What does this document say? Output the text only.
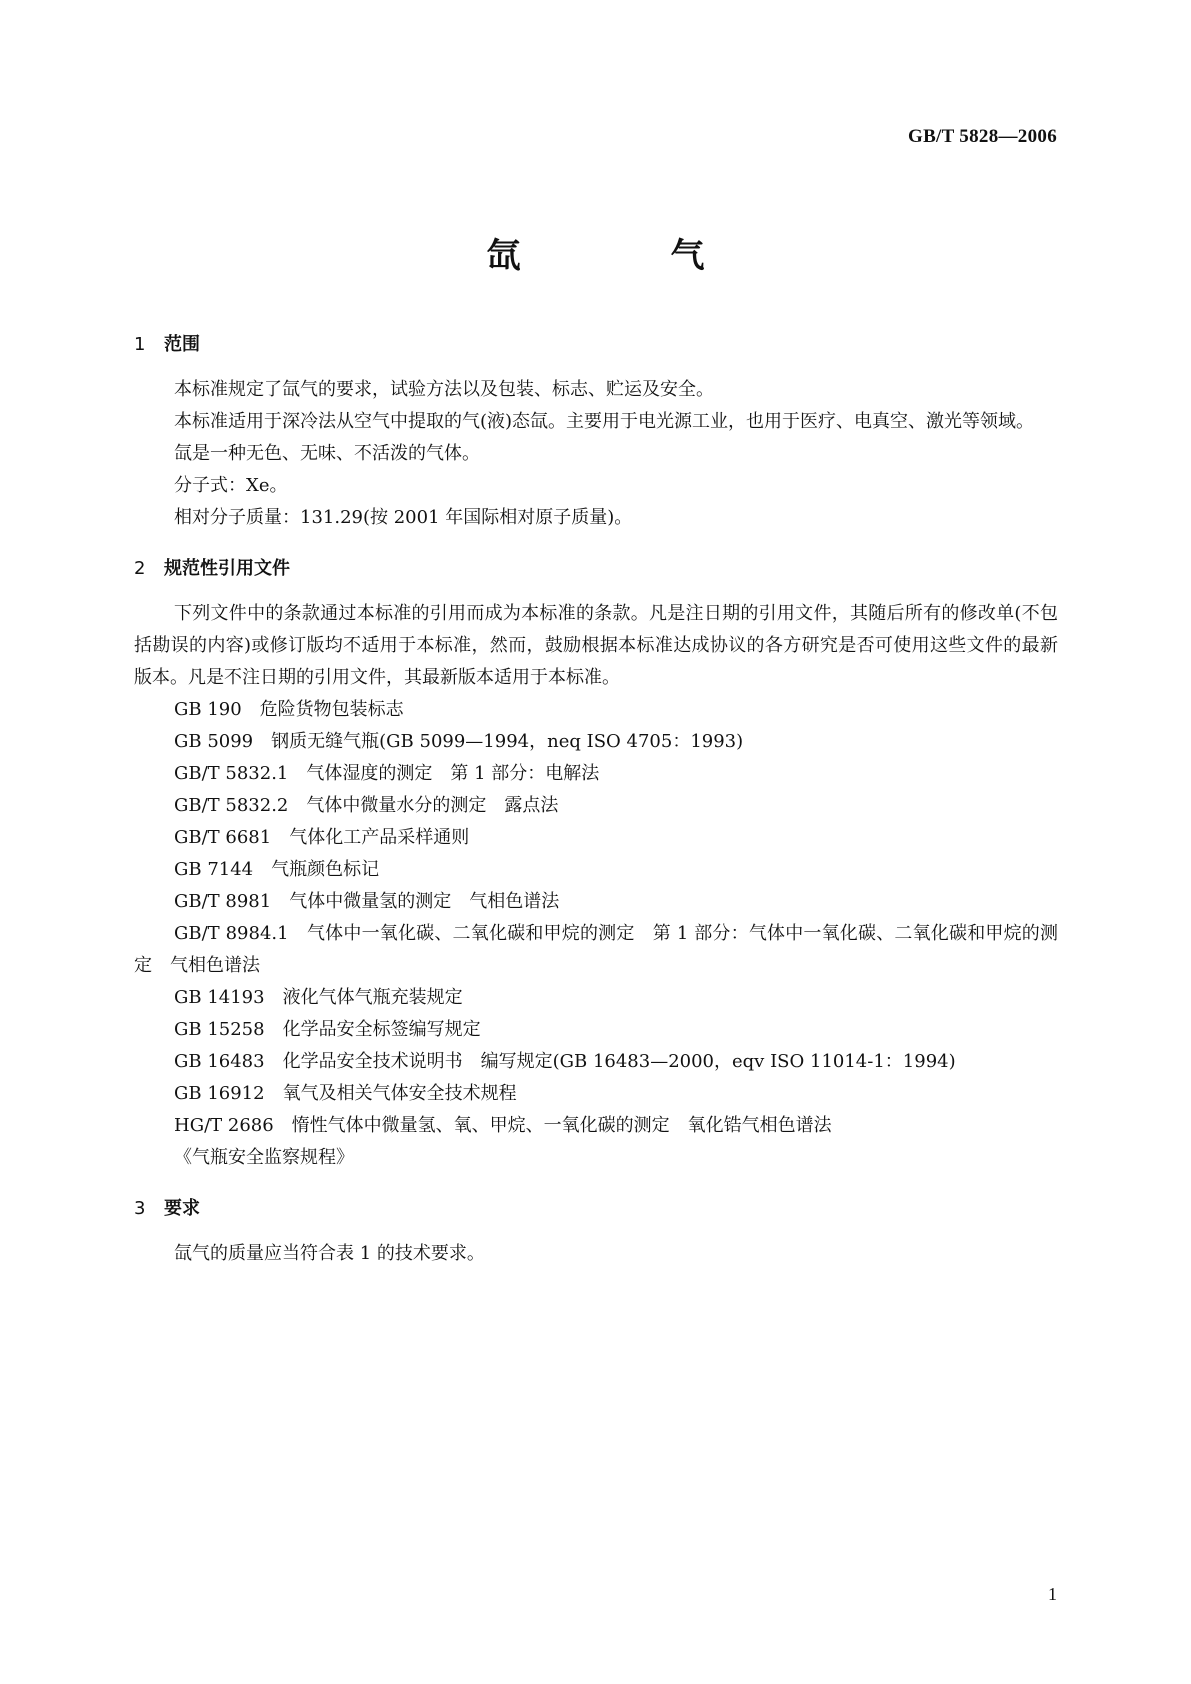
GB/T 5828—2006
氙　气
1 范围

本标准规定了氙气的要求，试验方法以及包装、标志、贮运及安全。

本标准适用于深冷法从空气中提取的气(液)态氙。主要用于电光源工业，也用于医疗、电真空、激光等领域。

氙是一种无色、无味、不活泼的气体。

分子式：Xe。

相对分子质量：131.29(按 2001 年国际相对原子质量)。

2 规范性引用文件

下列文件中的条款通过本标准的引用而成为本标准的条款。凡是注日期的引用文件，其随后所有的修改单(不包括勘误的内容)或修订版均不适用于本标准，然而，鼓励根据本标准达成协议的各方研究是否可使用这些文件的最新版本。凡是不注日期的引用文件，其最新版本适用于本标准。

GB 190　危险货物包装标志

GB 5099　钢质无缝气瓶(GB 5099—1994，neq ISO 4705：1993)

GB/T 5832.1　气体湿度的测定　第 1 部分：电解法

GB/T 5832.2　气体中微量水分的测定　露点法

GB/T 6681　气体化工产品采样通则

GB 7144　气瓶颜色标记

GB/T 8981　气体中微量氢的测定　气相色谱法

GB/T 8984.1　气体中一氧化碳、二氧化碳和甲烷的测定　第 1 部分：气体中一氧化碳、二氧化碳和甲烷的测定　气相色谱法

GB 14193　液化气体气瓶充装规定

GB 15258　化学品安全标签编写规定

GB 16483　化学品安全技术说明书　编写规定(GB 16483—2000，eqv ISO 11014-1：1994)

GB 16912　氧气及相关气体安全技术规程

HG/T 2686　惰性气体中微量氢、氧、甲烷、一氧化碳的测定　氧化锆气相色谱法

《气瓶安全监察规程》

3 要求

氙气的质量应当符合表 1 的技术要求。

1
